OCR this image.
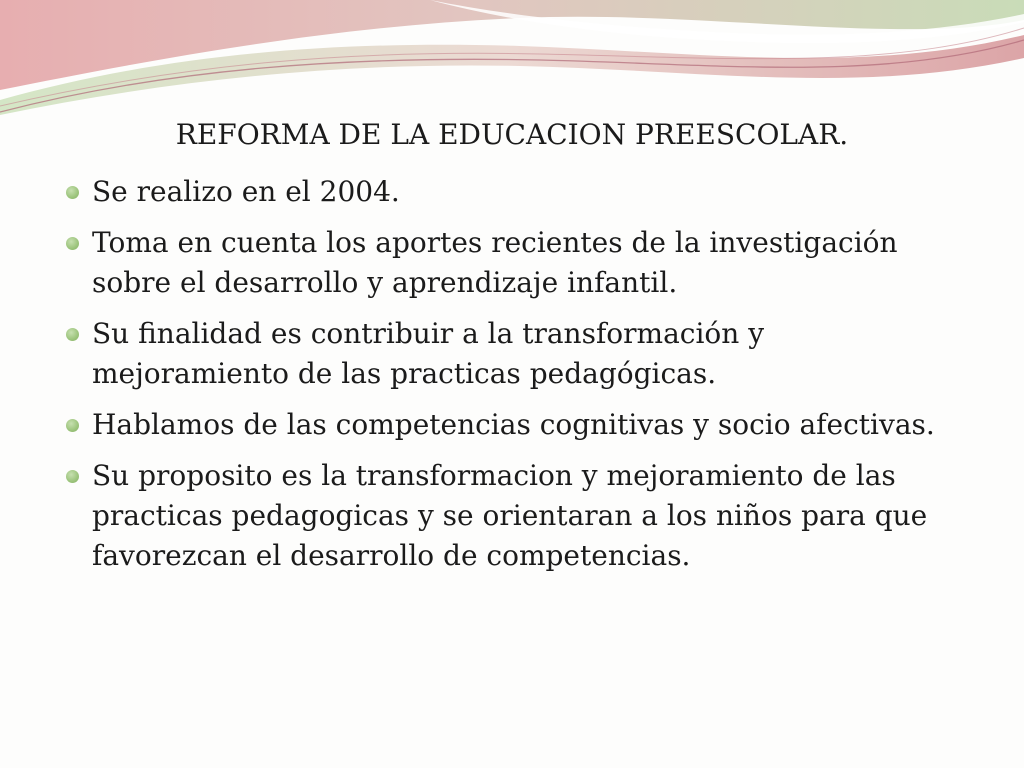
REFORMA DE LA EDUCACION PREESCOLAR.
Se realizo en el 2004.
Toma en cuenta los aportes recientes de la investigación sobre el desarrollo y aprendizaje infantil.
Su finalidad es contribuir a la transformación y mejoramiento de las practicas pedagógicas.
Hablamos de las competencias cognitivas y socio afectivas.
Su proposito es la transformacion y mejoramiento de las practicas pedagogicas y se orientaran a los niños para que favorezcan el desarrollo de competencias.
